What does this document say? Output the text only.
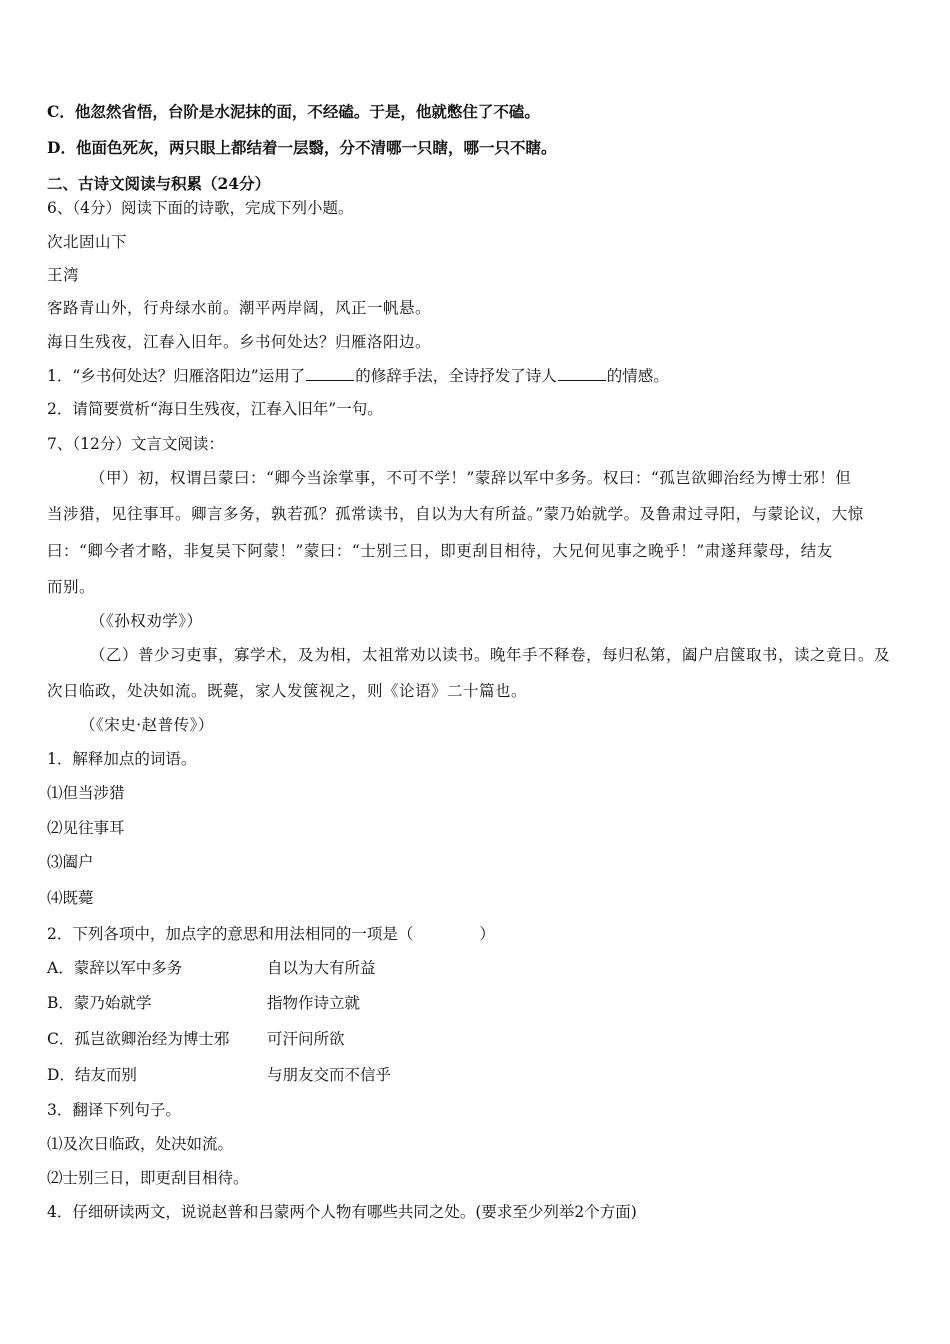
C．他忽然省悟，台阶是水泥抹的面，不经磕。于是，他就憋住了不磕。
D．他面色死灰，两只眼上都结着一层翳，分不清哪一只瞎，哪一只不瞎。
二、古诗文阅读与积累（24分）
6、（4分）阅读下面的诗歌，完成下列小题。
次北固山下
王湾
客路青山外，行舟绿水前。潮平两岸阔，风正一帆悬。
海日生残夜，江春入旧年。乡书何处达？归雁洛阳边。
1．“乡书何处达？归雁洛阳边”运用了	的修辞手法，全诗抒发了诗人	的情感。
2．请简要赏析“海日生残夜，江春入旧年”一句。
7、（12分）文言文阅读：
（甲）初，权谓吕蒙曰：“卿今当涂掌事，不可不学！”蒙辞以军中多务。权曰：“孤岂欲卿治经为博士邪！但
当涉猎，见往事耳。卿言多务，孰若孤？孤常读书，自以为大有所益。”蒙乃始就学。及鲁肃过寻阳，与蒙论议，大惊
曰：“卿今者才略，非复吴下阿蒙！”蒙曰：“士别三日，即更刮目相待，大兄何见事之晚乎！”肃遂拜蒙母，结友
而别。
（《孙权劝学》）
（乙）普少习吏事，寡学术，及为相，太祖常劝以读书。晚年手不释卷，每归私第，阖户启箧取书，读之竟日。及
次日临政，处决如流。既薨，家人发箧视之，则《论语》二十篇也。
（《宋史·赵普传》）
1．解释加点的词语。
⑴但当涉猎
⑵见往事耳
⑶阖户
⑷既薨
2．下列各项中，加点字的意思和用法相同的一项是（	）
A．蒙辞以军中多务	自以为大有所益
B．蒙乃始就学	指物作诗立就
C．孤岂欲卿治经为博士邪 可汗问所欲
D．结友而别	与朋友交而不信乎
3．翻译下列句子。
⑴及次日临政，处决如流。
⑵士别三日，即更刮目相待。
4．仔细研读两文，说说赵普和吕蒙两个人物有哪些共同之处。(要求至少列举2个方面)
